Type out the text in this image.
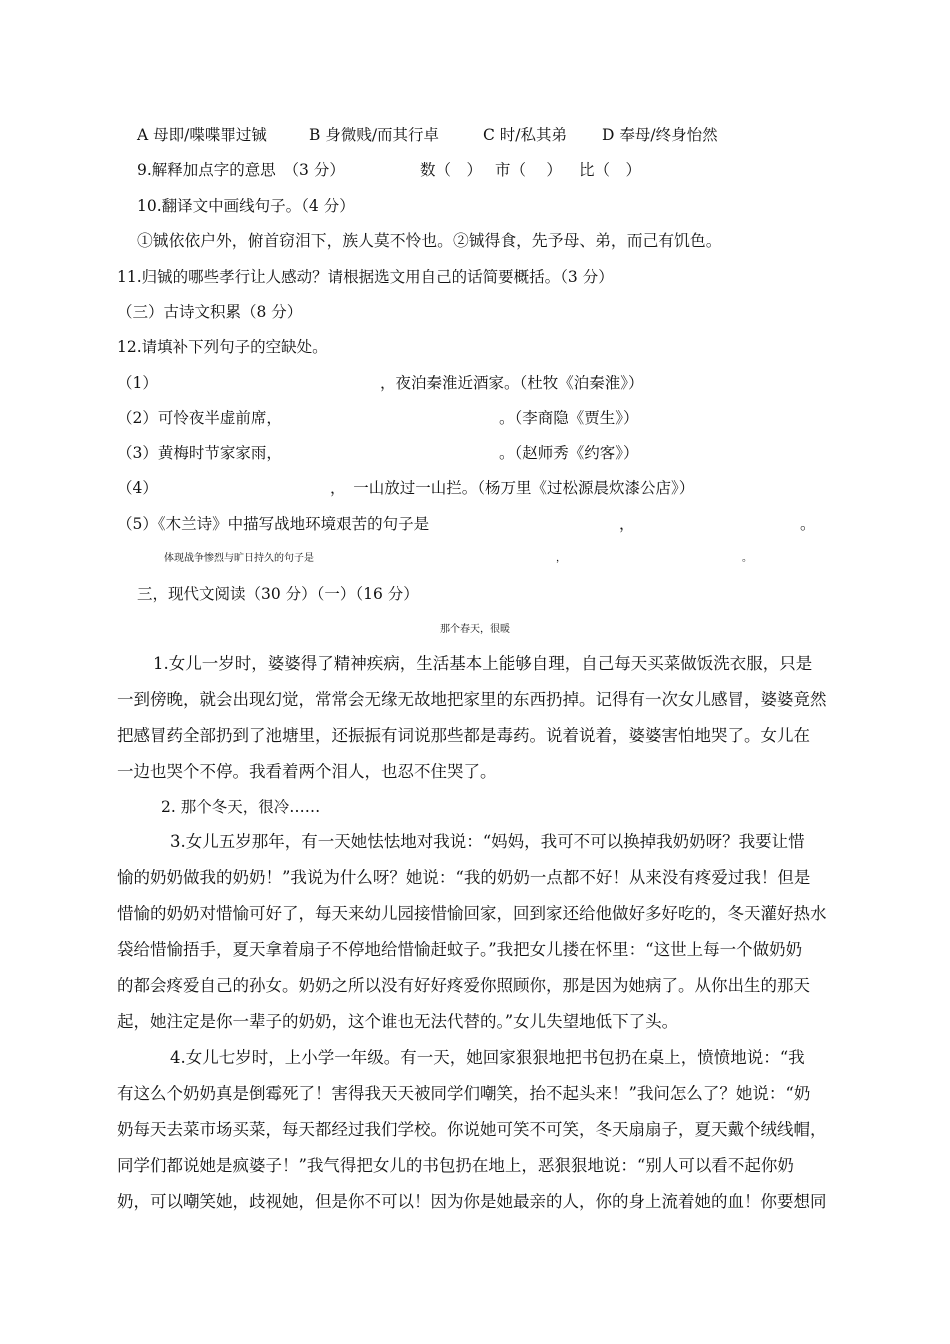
A 母即/喋喋罪过铖	B 身微贱/而其行卓	C 时/私其弟 D 奉母/终身怡然
9.解释加点字的意思　（3 分）	数（　） 市（　 ） 比（　）
10.翻译文中画线句子。（4 分）
①铖依依户外，俯首窃泪下，族人莫不怜也。②铖得食，先予母、弟，而己有饥色。
11.归铖的哪些孝行让人感动？请根据选文用自己的话简要概括。（3 分）
（三）古诗文积累（8 分）
12.请填补下列句子的空缺处。
（1）	，夜泊秦淮近酒家。（杜牧《泊秦淮》）
（2）可怜夜半虚前席，	。（李商隐《贾生》）
（3）黄梅时节家家雨，	。（赵师秀《约客》）
（4）	，　一山放过一山拦。（杨万里《过松源晨炊漆公店》）
（5）《木兰诗》中描写战地环境艰苦的句子是	，	。
体现战争惨烈与旷日持久的句子是	，	。
三，现代文阅读（30 分）（一）（16 分）
那个春天，很暖
1.女儿一岁时，婆婆得了精神疾病，生活基本上能够自理，自己每天买菜做饭洗衣服，只是
一到傍晚，就会出现幻觉，常常会无缘无故地把家里的东西扔掉。记得有一次女儿感冒，婆婆竟然
把感冒药全部扔到了池塘里，还振振有词说那些都是毒药。说着说着，婆婆害怕地哭了。女儿在
一边也哭个不停。我看着两个泪人，也忍不住哭了。
2. 那个冬天，很冷……
3.女儿五岁那年，有一天她怯怯地对我说：“妈妈，我可不可以换掉我奶奶呀？我要让惜
愉的奶奶做我的奶奶！”我说为什么呀？她说：“我的奶奶一点都不好！从来没有疼爱过我！但是
惜愉的奶奶对惜愉可好了，每天来幼儿园接惜愉回家，回到家还给他做好多好吃的，冬天灌好热水
袋给惜愉捂手，夏天拿着扇子不停地给惜愉赶蚊子。”我把女儿搂在怀里：“这世上每一个做奶奶
的都会疼爱自己的孙女。奶奶之所以没有好好疼爱你照顾你，那是因为她病了。从你出生的那天
起，她注定是你一辈子的奶奶，这个谁也无法代替的。”女儿失望地低下了头。
4.女儿七岁时，上小学一年级。有一天，她回家狠狠地把书包扔在桌上，愤愤地说：“我
有这么个奶奶真是倒霉死了！害得我天天被同学们嘲笑，抬不起头来！”我问怎么了？她说：“奶
奶每天去菜市场买菜，每天都经过我们学校。你说她可笑不可笑，冬天扇扇子，夏天戴个绒线帽，
同学们都说她是疯婆子！”我气得把女儿的书包扔在地上，恶狠狠地说：“别人可以看不起你奶
奶，可以嘲笑她，歧视她，但是你不可以！因为你是她最亲的人，你的身上流着她的血！你要想同
